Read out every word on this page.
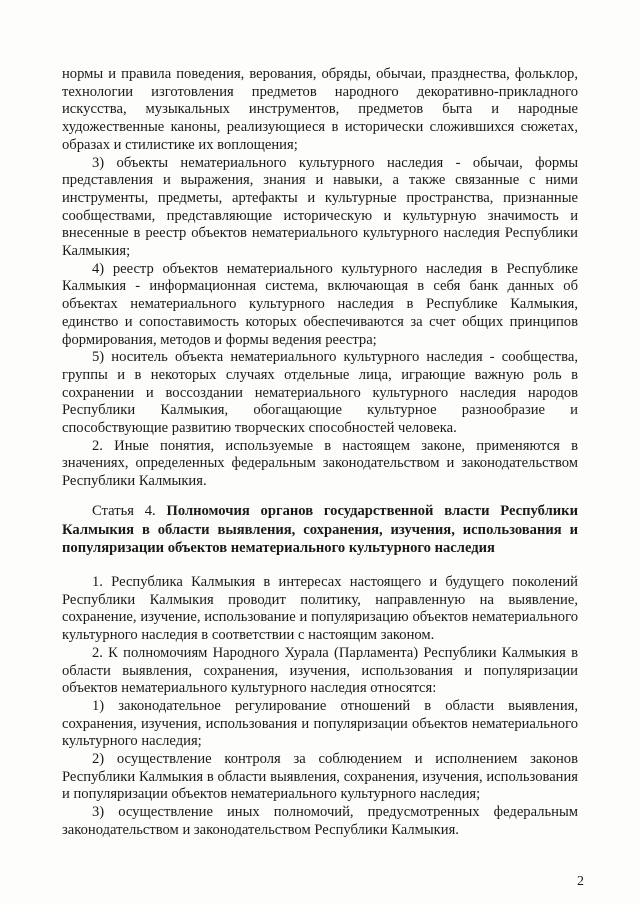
нормы и правила поведения, верования, обряды, обычаи, празднества, фольклор, технологии изготовления предметов народного декоративно-прикладного искусства, музыкальных инструментов, предметов быта и народные художественные каноны, реализующиеся в исторически сложившихся сюжетах, образах и стилистике их воплощения;

3) объекты нематериального культурного наследия - обычаи, формы представления и выражения, знания и навыки, а также связанные с ними инструменты, предметы, артефакты и культурные пространства, признанные сообществами, представляющие историческую и культурную значимость и внесенные в реестр объектов нематериального культурного наследия Республики Калмыкия;

4) реестр объектов нематериального культурного наследия в Республике Калмыкия - информационная система, включающая в себя банк данных об объектах нематериального культурного наследия в Республике Калмыкия, единство и сопоставимость которых обеспечиваются за счет общих принципов формирования, методов и формы ведения реестра;

5) носитель объекта нематериального культурного наследия - сообщества, группы и в некоторых случаях отдельные лица, играющие важную роль в сохранении и воссоздании нематериального культурного наследия народов Республики Калмыкия, обогащающие культурное разнообразие и способствующие развитию творческих способностей человека.

2. Иные понятия, используемые в настоящем законе, применяются в значениях, определенных федеральным законодательством и законодательством Республики Калмыкия.

Статья 4. Полномочия органов государственной власти Республики Калмыкия в области выявления, сохранения, изучения, использования и популяризации объектов нематериального культурного наследия

1. Республика Калмыкия в интересах настоящего и будущего поколений Республики Калмыкия проводит политику, направленную на выявление, сохранение, изучение, использование и популяризацию объектов нематериального культурного наследия в соответствии с настоящим законом.

2. К полномочиям Народного Хурала (Парламента) Республики Калмыкия в области выявления, сохранения, изучения, использования и популяризации объектов нематериального культурного наследия относятся:

1) законодательное регулирование отношений в области выявления, сохранения, изучения, использования и популяризации объектов нематериального культурного наследия;

2) осуществление контроля за соблюдением и исполнением законов Республики Калмыкия в области выявления, сохранения, изучения, использования и популяризации объектов нематериального культурного наследия;

3) осуществление иных полномочий, предусмотренных федеральным законодательством и законодательством Республики Калмыкия.

2
